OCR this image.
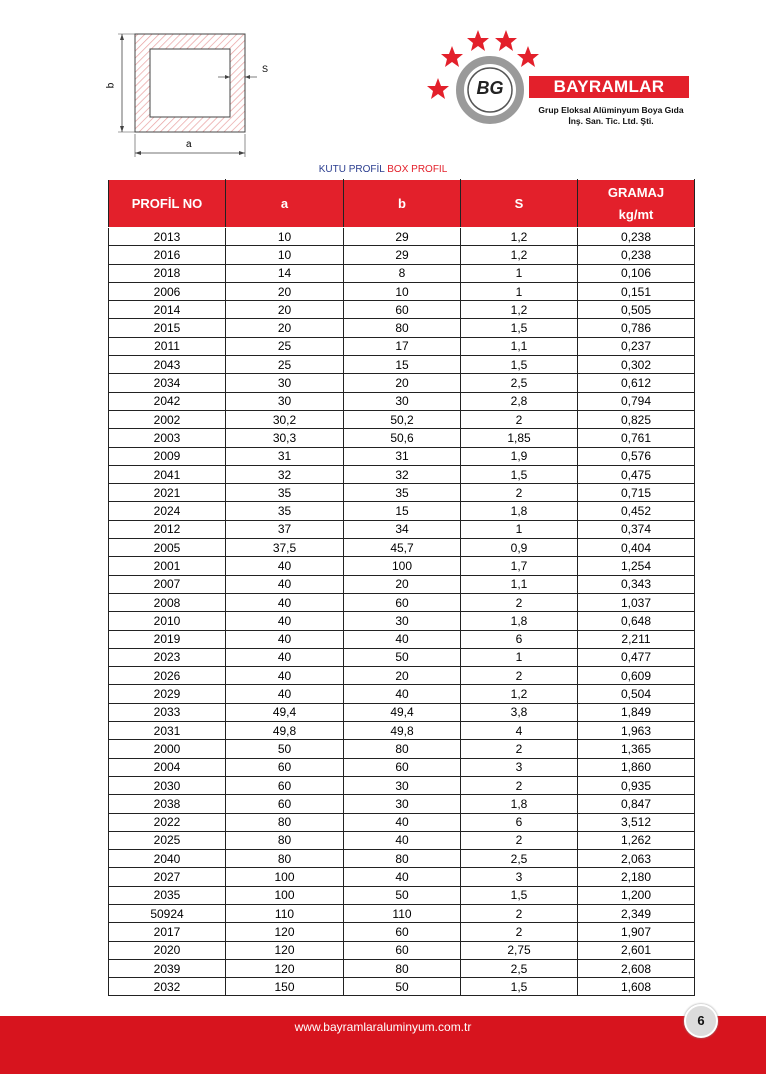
b
a
S
BG	BAYRAMLAR
Grup Eloksal Alüminyum Boya Gıda
İnş. San. Tic. Ltd. Şti.
KUTU PROFİL BOX PROFIL
PROFİL NO	a	b	S	GRAMAJ
kg/mt

2013	10	29	1,2	0,238
2016	10	29	1,2	0,238
2018	14	8	1	0,106
2006	20	10	1	0,151
2014	20	60	1,2	0,505
2015	20	80	1,5	0,786
2011	25	17	1,1	0,237
2043	25	15	1,5	0,302
2034	30	20	2,5	0,612
2042	30	30	2,8	0,794
2002	30,2	50,2	2	0,825
2003	30,3	50,6	1,85	0,761
2009	31	31	1,9	0,576
2041	32	32	1,5	0,475
2021	35	35	2	0,715
2024	35	15	1,8	0,452
2012	37	34	1	0,374
2005	37,5	45,7	0,9	0,404
2001	40	100	1,7	1,254
2007	40	20	1,1	0,343
2008	40	60	2	1,037
2010	40	30	1,8	0,648
2019	40	40	6	2,211
2023	40	50	1	0,477
2026	40	20	2	0,609
2029	40	40	1,2	0,504
2033	49,4	49,4	3,8	1,849
2031	49,8	49,8	4	1,963
2000	50	80	2	1,365
2004	60	60	3	1,860
2030	60	30	2	0,935
2038	60	30	1,8	0,847
2022	80	40	6	3,512
2025	80	40	2	1,262
2040	80	80	2,5	2,063
2027	100	40	3	2,180
2035	100	50	1,5	1,200
50924	110	110	2	2,349
2017	120	60	2	1,907
2020	120	60	2,75	2,601
2039	120	80	2,5	2,608
2032	150	50	1,5	1,608
www.bayramlaraluminyum.com.tr	6
